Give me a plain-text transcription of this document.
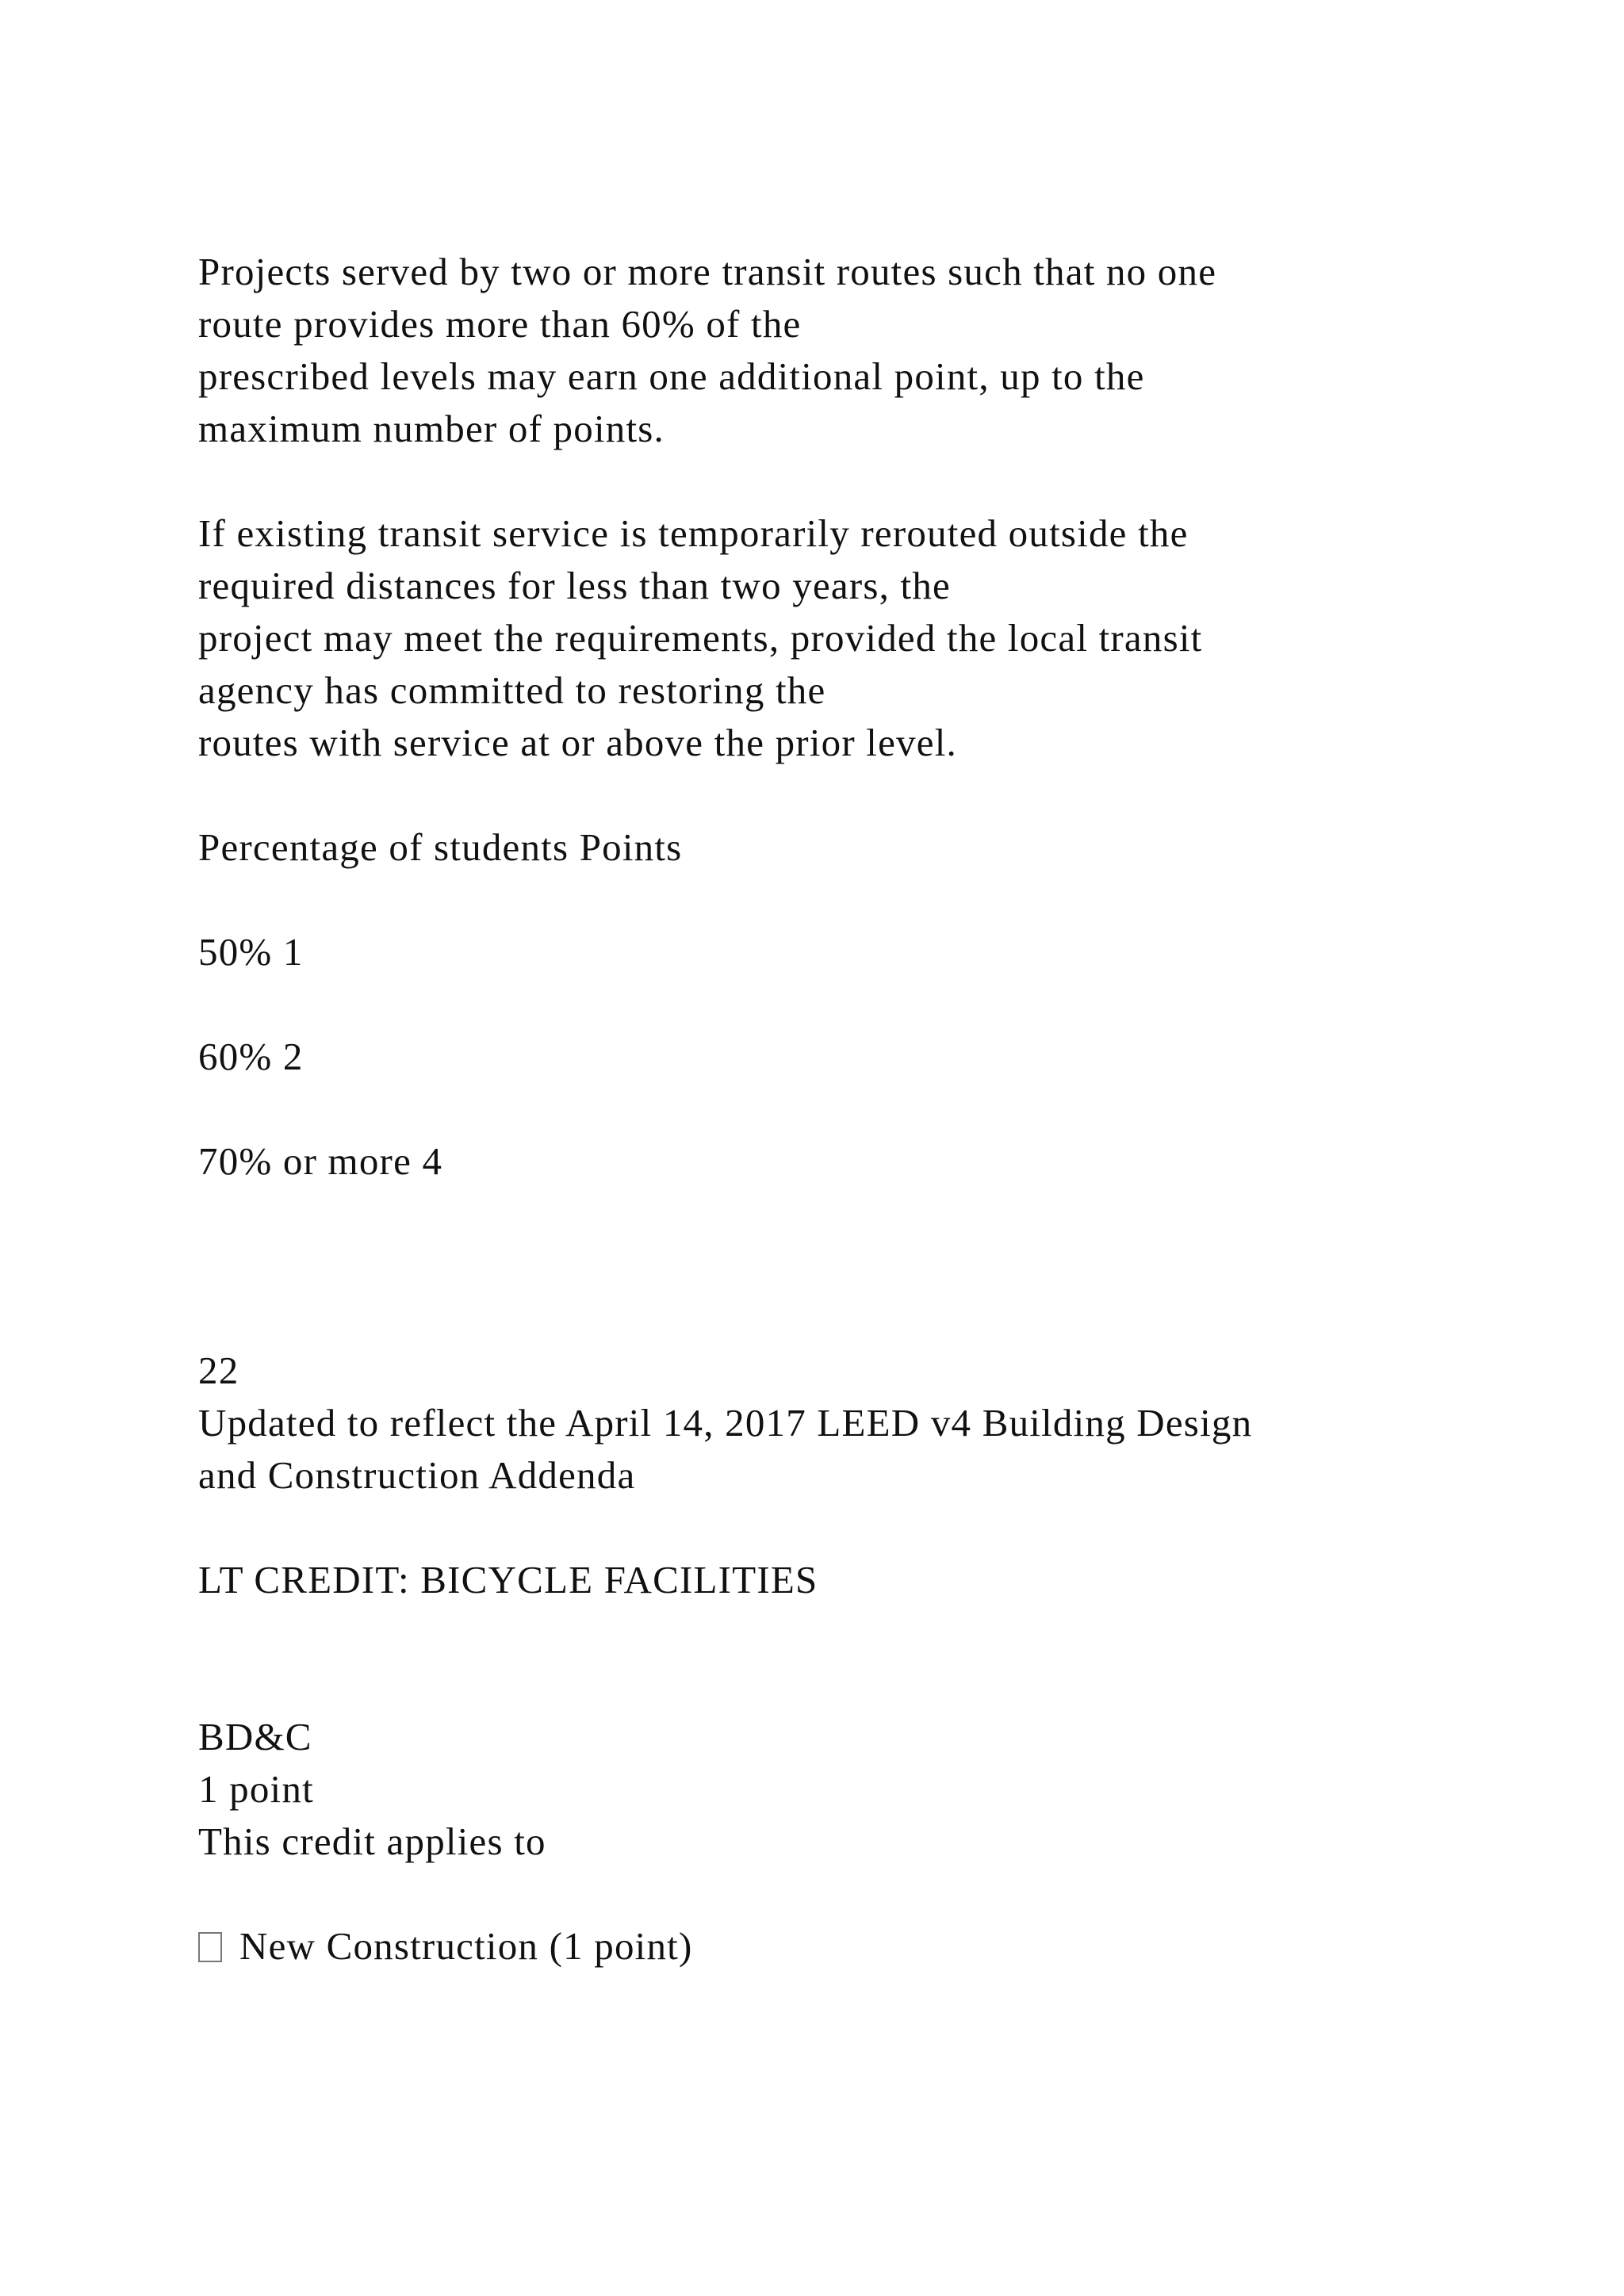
Projects served by two or more transit routes such that no one
route provides more than 60% of the
prescribed levels may earn one additional point, up to the
maximum number of points.
If existing transit service is temporarily rerouted outside the
required distances for less than two years, the
project may meet the requirements, provided the local transit
agency has committed to restoring the
routes with service at or above the prior level.
Percentage of students Points
50% 1
60% 2
70% or more 4
22
Updated to reflect the April 14, 2017 LEED v4 Building Design
and Construction Addenda
LT CREDIT: BICYCLE FACILITIES
BD&C
1 point
This credit applies to
New Construction (1 point)
